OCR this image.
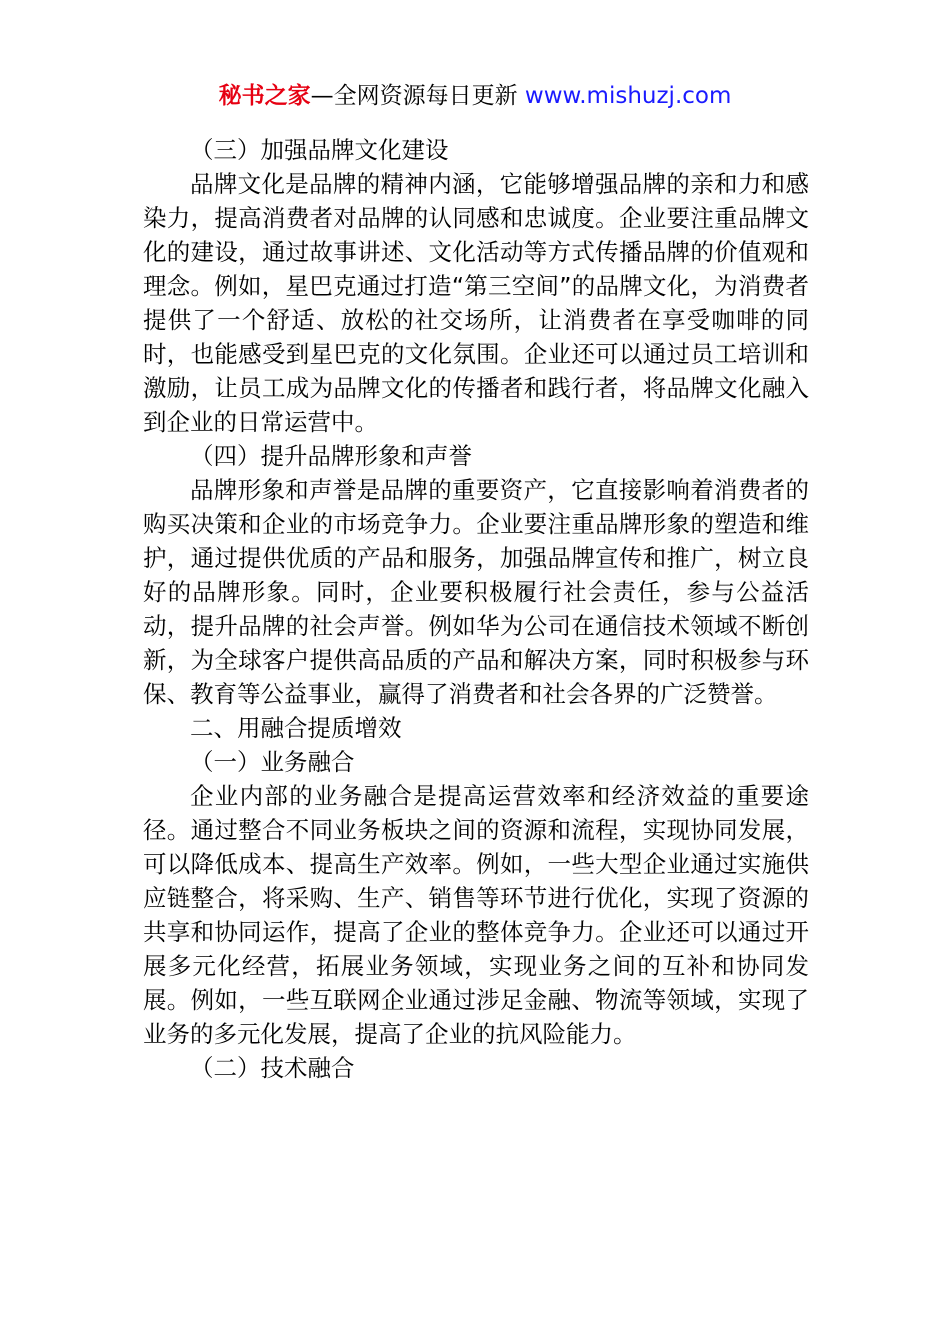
秘书之家—全网资源每日更新 www.mishuzj.com

（三）加强品牌文化建设

品牌文化是品牌的精神内涵，它能够增强品牌的亲和力和感染力，提高消费者对品牌的认同感和忠诚度。企业要注重品牌文化的建设，通过故事讲述、文化活动等方式传播品牌的价值观和理念。例如，星巴克通过打造“第三空间”的品牌文化，为消费者提供了一个舒适、放松的社交场所，让消费者在享受咖啡的同时，也能感受到星巴克的文化氛围。企业还可以通过员工培训和激励，让员工成为品牌文化的传播者和践行者，将品牌文化融入到企业的日常运营中。

（四）提升品牌形象和声誉

品牌形象和声誉是品牌的重要资产，它直接影响着消费者的购买决策和企业的市场竞争力。企业要注重品牌形象的塑造和维护，通过提供优质的产品和服务，加强品牌宣传和推广，树立良好的品牌形象。同时，企业要积极履行社会责任，参与公益活动，提升品牌的社会声誉。例如华为公司在通信技术领域不断创新，为全球客户提供高品质的产品和解决方案，同时积极参与环保、教育等公益事业，赢得了消费者和社会各界的广泛赞誉。

二、用融合提质增效

（一）业务融合

企业内部的业务融合是提高运营效率和经济效益的重要途径。通过整合不同业务板块之间的资源和流程，实现协同发展，可以降低成本、提高生产效率。例如，一些大型企业通过实施供应链整合，将采购、生产、销售等环节进行优化，实现了资源的共享和协同运作，提高了企业的整体竞争力。企业还可以通过开展多元化经营，拓展业务领域，实现业务之间的互补和协同发展。例如，一些互联网企业通过涉足金融、物流等领域，实现了业务的多元化发展，提高了企业的抗风险能力。

（二）技术融合
